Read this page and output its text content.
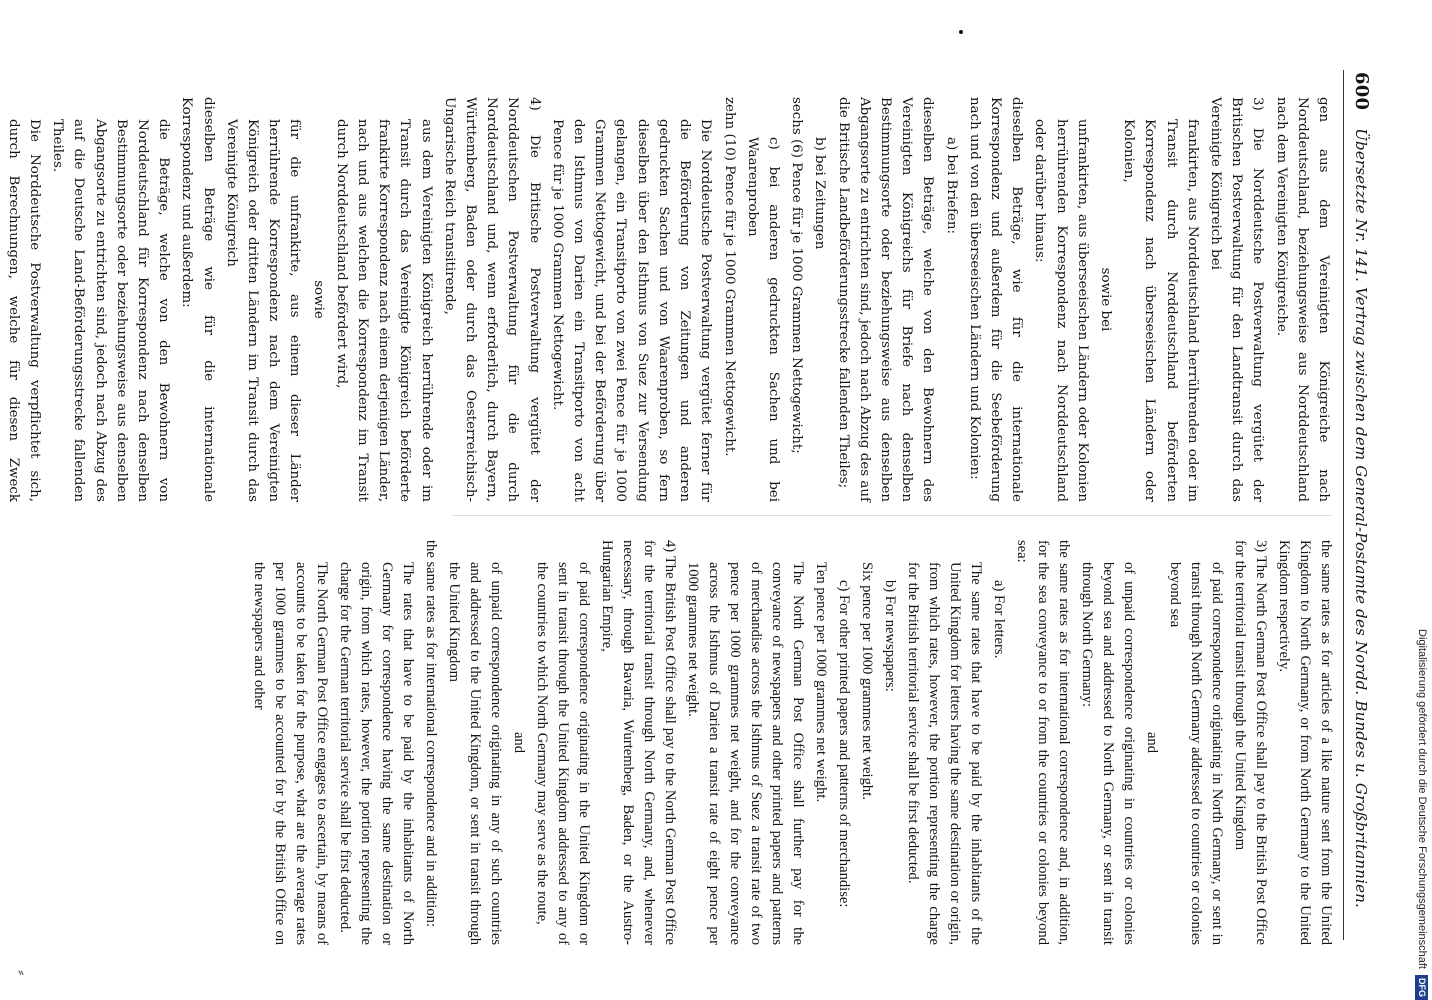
Digitalisierung gefördert durch die Deutsche Forschungsgemeinschaft
DFG
600
Übersetzte Nr. 141. Vertrag zwischen dem General-Postamte des Nordd. Bundes u. Großbritannien.

gen aus dem Vereinigten Königreiche nach Norddeutschland, beziehungsweise aus Norddeutschland nach dem Vereinigten Königreiche.

3) Die Norddeutsche Postverwaltung vergütet der Britischen Postverwaltung für den Landtransit durch das Vereinigte Königreich bei

frankirten, aus Norddeutschland herrührenden oder im Transit durch Norddeutschland beförderten Korrespondenz nach überseeischen Ländern oder Kolonien,

sowie bei

unfrankirten, aus überseeischen Ländern oder Kolonien herrührenden Korrespondenz nach Norddeutschland oder darüber hinaus:

dieselben Beträge, wie für die internationale Korrespondenz und außerdem für die Seebeförderung nach und von den überseeischen Ländern und Kolonien:

a) bei Briefen:

dieselben Beträge, welche von den Bewohnern des Vereinigten Königreichs für Briefe nach denselben Bestimmungsorte oder beziehungsweise aus denselben Abgangsorte zu entrichten sind, jedoch nach Abzug des auf die Britische Landbeförderungsstrecke fallenden Theiles;

b) bei Zeitungen

sechs (6) Pence für je 1000 Grammen Nettogewicht;

c) bei anderen gedruckten Sachen und bei Waarenproben

zehn (10) Pence für je 1000 Grammen Nettogewicht.

Die Norddeutsche Postverwaltung vergütet ferner für die Beförderung von Zeitungen und anderen gedruckten Sachen und von Waarenproben, so fern dieselben über den Isthmus von Suez zur Versendung gelangen, ein Transitporto von zwei Pence für je 1000 Grammen Nettogewicht, und bei der Beförderung über den Isthmus von Darien ein Transitporto von acht Pence für je 1000 Grammen Nettogewicht.

4) Die Britische Postverwaltung vergütet der Norddeutschen Postverwaltung für die durch Norddeutschland und, wenn erforderlich, durch Bayern, Württemberg, Baden oder durch das Oesterreichisch-Ungarische Reich transitirende,

aus dem Vereinigten Königreich herrührende oder im Transit durch das Vereinigte Königreich beförderte frankirte Korrespondenz nach einem derjenigen Länder, nach und aus welchen die Korrespondenz im Transit durch Norddeutschland befördert wird,

sowie

für die unfrankirte, aus einem dieser Länder herrührende Korrespondenz nach dem Vereinigten Königreich oder dritten Ländern im Transit durch das Vereinigte Königreich

dieselben Beträge wie für die internationale Korrespondenz und außerdem:

die Beträge, welche von den Bewohnern von Norddeutschland für Korrespondenz nach denselben Bestimmungsorte oder beziehungsweise aus denselben Abgangsorte zu entrichten sind, jedoch nach Abzug des auf die Deutsche Land-Beförderungsstrecke fallenden Theiles.

Die Norddeutsche Postverwaltung verpflichtet sich, durch Berechnungen, welche für diesen Zweck

the same rates as for articles of a like nature sent from the United Kingdom to North Germany, or from North Germany to the United Kingdom respectively.

3) The North German Post Office shall pay to the British Post Office for the territorial transit through the United Kingdom

of paid correspondence originating in North Germany, or sent in transit through North Germany addressed to countries or colonies beyond sea

and

of unpaid correspondence originating in countries or colonies beyond sea and addressed to North Germany, or sent in transit through North Germany:

the same rates as for international correspondence and, in addition, for the sea conveyance to or from the countries or colonies beyond sea:

a) For letters.

The same rates that have to be paid by the inhabitants of the United Kingdom for letters having the same destination or origin, from which rates, however, the portion representing the charge for the British territorial service shall be first deducted.

b) For newspapers:

Six pence per 1000 grammes net weight.

c) For other printed papers and patterns of merchandise:

Ten pence per 1000 grammes net weight.

The North German Post Office shall further pay for the conveyance of newspapers and other printed papers and patterns of merchandise across the Isthmus of Suez a transit rate of two pence per 1000 grammes net weight, and for the conveyance across the Isthmus of Darien a transit rate of eight pence per 1000 grammes net weight.

4) The British Post Office shall pay to the North German Post Office for the territorial transit through North Germany, and, whenever necessary, through Bavaria, Wurtemberg, Baden, or the Austro-Hungarian Empire,

of paid correspondence originating in the United Kingdom or sent in transit through the United Kingdom addressed to any of the countries to which North Germany may serve as the route,

and

of unpaid correspondence originating in any of such countries and addressed to the United Kingdom, or sent in transit through the United Kingdom

the same rates as for international correspondence and in addition:

The rates that have to be paid by the inhabitants of North Germany for correspondence having the same destination or origin, from which rates, however, the portion representing the charge for the German territorial service shall be first deducted.

The North German Post Office engages to ascertain, by means of accounts to be taken for the purpose, what are the average rates per 1000 grammes to be accounted for by the British Office on the newspapers and other

⸗
